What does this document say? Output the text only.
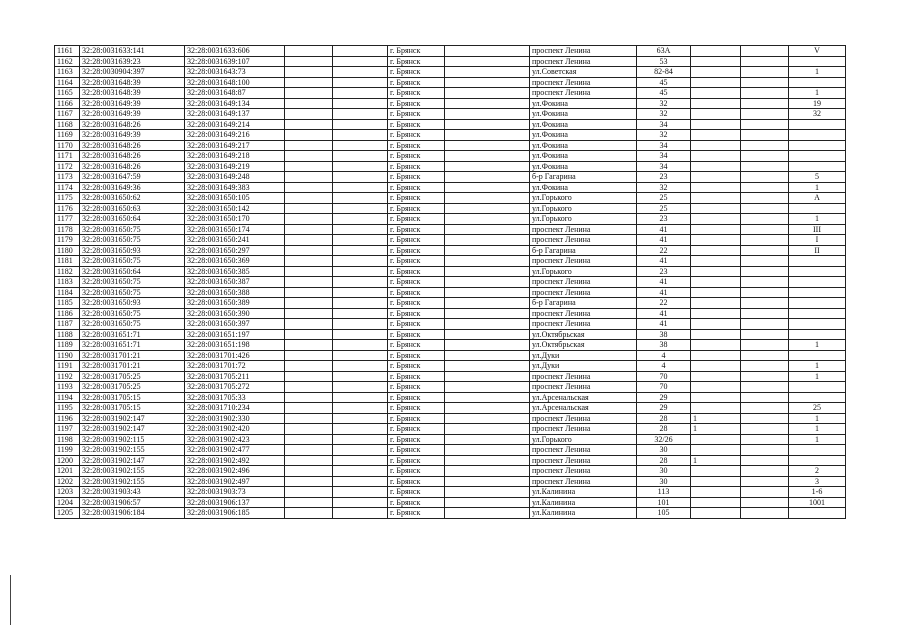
1161	32:28:0031633:141	32:28:0031633:606			г. Брянск		проспект Ленина	63А			V
1162	32:28:0031639:23	32:28:0031639:107			г. Брянск		проспект Ленина	53			
1163	32:28:0030904:397	32:28:0031643:73			г. Брянск		ул.Советская	82-84			1
1164	32:28:0031648:39	32:28:0031648:100			г. Брянск		проспект Ленина	45			
1165	32:28:0031648:39	32:28:0031648:87			г. Брянск		проспект Ленина	45			1
1166	32:28:0031649:39	32:28:0031649:134			г. Брянск		ул.Фокина	32			19
1167	32:28:0031649:39	32:28:0031649:137			г. Брянск		ул.Фокина	32			32
1168	32:28:0031648:26	32:28:0031649:214			г. Брянск		ул.Фокина	34			
1169	32:28:0031649:39	32:28:0031649:216			г. Брянск		ул.Фокина	32			
1170	32:28:0031648:26	32:28:0031649:217			г. Брянск		ул.Фокина	34			
1171	32:28:0031648:26	32:28:0031649:218			г. Брянск		ул.Фокина	34			
1172	32:28:0031648:26	32:28:0031649:219			г. Брянск		ул.Фокина	34			
1173	32:28:0031647:59	32:28:0031649:248			г. Брянск		б-р Гагарина	23			5
1174	32:28:0031649:36	32:28:0031649:383			г. Брянск		ул.Фокина	32			1
1175	32:28:0031650:62	32:28:0031650:105			г. Брянск		ул.Горького	25			А
1176	32:28:0031650:63	32:28:0031650:142			г. Брянск		ул.Горького	25			
1177	32:28:0031650:64	32:28:0031650:170			г. Брянск		ул.Горького	23			1
1178	32:28:0031650:75	32:28:0031650:174			г. Брянск		проспект Ленина	41			III
1179	32:28:0031650:75	32:28:0031650:241			г. Брянск		проспект Ленина	41			I
1180	32:28:0031650:93	32:28:0031650:297			г. Брянск		б-р Гагарина	22			II
1181	32:28:0031650:75	32:28:0031650:369			г. Брянск		проспект Ленина	41			
1182	32:28:0031650:64	32:28:0031650:385			г. Брянск		ул.Горького	23			
1183	32:28:0031650:75	32:28:0031650:387			г. Брянск		проспект Ленина	41			
1184	32:28:0031650:75	32:28:0031650:388			г. Брянск		проспект Ленина	41			
1185	32:28:0031650:93	32:28:0031650:389			г. Брянск		б-р Гагарина	22			
1186	32:28:0031650:75	32:28:0031650:390			г. Брянск		проспект Ленина	41			
1187	32:28:0031650:75	32:28:0031650:397			г. Брянск		проспект Ленина	41			
1188	32:28:0031651:71	32:28:0031651:197			г. Брянск		ул.Октябрьская	38			
1189	32:28:0031651:71	32:28:0031651:198			г. Брянск		ул.Октябрьская	38			1
1190	32:28:0031701:21	32:28:0031701:426			г. Брянск		ул.Дуки	4			
1191	32:28:0031701:21	32:28:0031701:72			г. Брянск		ул.Дуки	4			1
1192	32:28:0031705:25	32:28:0031705:211			г. Брянск		проспект Ленина	70			1
1193	32:28:0031705:25	32:28:0031705:272			г. Брянск		проспект Ленина	70			
1194	32:28:0031705:15	32:28:0031705:33			г. Брянск		ул.Арсенальская	29			
1195	32:28:0031705:15	32:28:0031710:234			г. Брянск		ул.Арсенальская	29			25
1196	32:28:0031902:147	32:28:0031902:330			г. Брянск		проспект Ленина	28	1		1
1197	32:28:0031902:147	32:28:0031902:420			г. Брянск		проспект Ленина	28	1		1
1198	32:28:0031902:115	32:28:0031902:423			г. Брянск		ул.Горького	32/26			1
1199	32:28:0031902:155	32:28:0031902:477			г. Брянск		проспект Ленина	30			
1200	32:28:0031902:147	32:28:0031902:492			г. Брянск		проспект Ленина	28	1		
1201	32:28:0031902:155	32:28:0031902:496			г. Брянск		проспект Ленина	30			2
1202	32:28:0031902:155	32:28:0031902:497			г. Брянск		проспект Ленина	30			3
1203	32:28:0031903:43	32:28:0031903:73			г. Брянск		ул.Калинина	113			1-6
1204	32:28:0031906:57	32:28:0031906:137			г. Брянск		ул.Калинина	101			1001
1205	32:28:0031906:184	32:28:0031906:185			г. Брянск		ул.Калинина	105			
